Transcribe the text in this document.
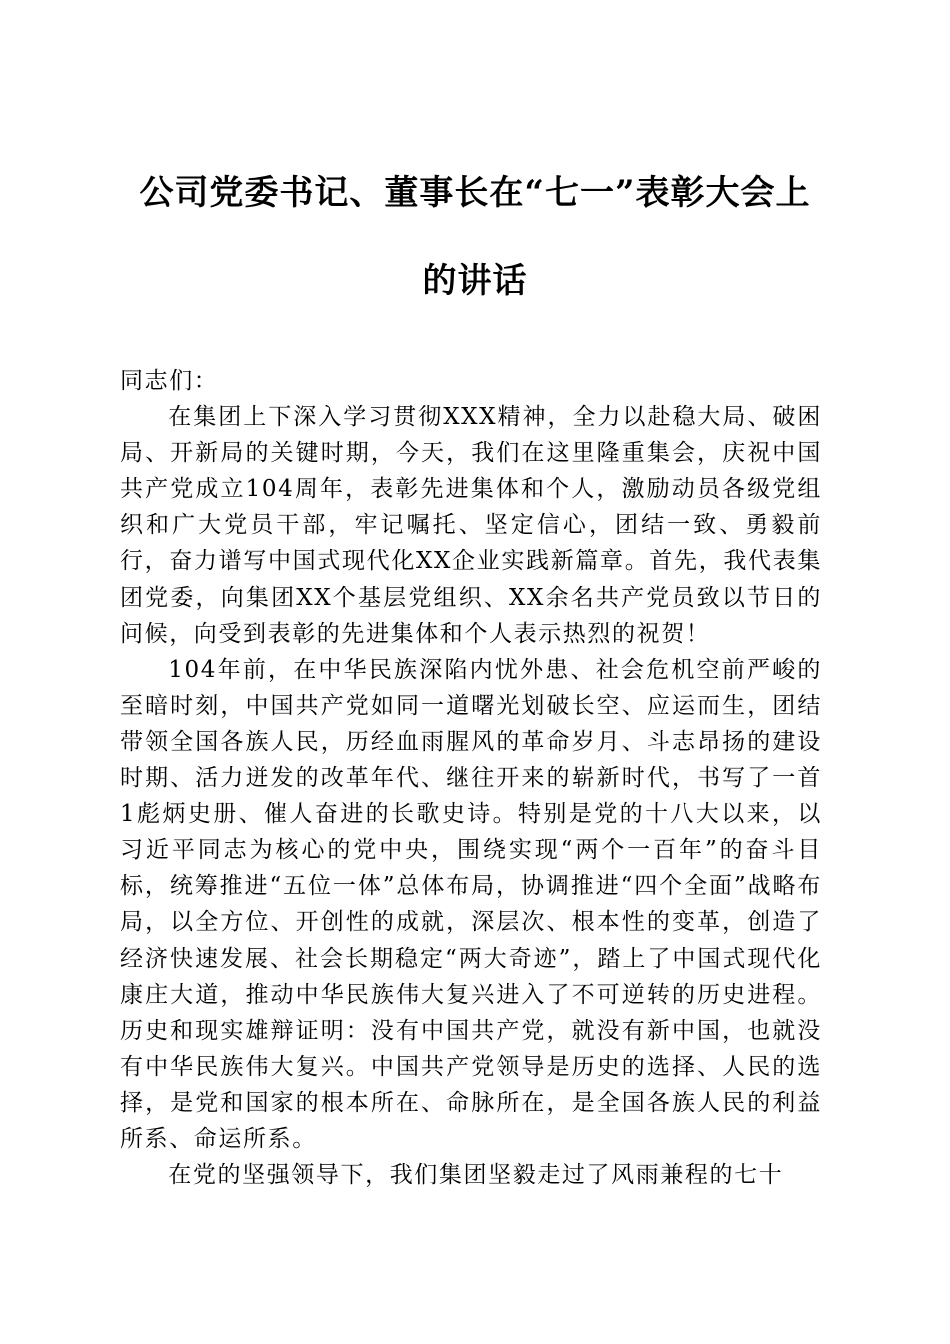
公司党委书记、董事长在“七一”表彰大会上
的讲话

同志们：

在集团上下深入学习贯彻XXX精神，全力以赴稳大局、破困局、开新局的关键时期，今天，我们在这里隆重集会，庆祝中国共产党成立104周年，表彰先进集体和个人，激励动员各级党组织和广大党员干部，牢记嘱托、坚定信心，团结一致、勇毅前行，奋力谱写中国式现代化XX企业实践新篇章。首先，我代表集团党委，向集团XX个基层党组织、XX余名共产党员致以节日的问候，向受到表彰的先进集体和个人表示热烈的祝贺！

104年前，在中华民族深陷内忧外患、社会危机空前严峻的至暗时刻，中国共产党如同一道曙光划破长空、应运而生，团结带领全国各族人民，历经血雨腥风的革命岁月、斗志昂扬的建设时期、活力迸发的改革年代、继往开来的崭新时代，书写了一首1彪炳史册、催人奋进的长歌史诗。特别是党的十八大以来，以习近平同志为核心的党中央，围绕实现“两个一百年”的奋斗目标，统筹推进“五位一体”总体布局，协调推进“四个全面”战略布局，以全方位、开创性的成就，深层次、根本性的变革，创造了经济快速发展、社会长期稳定“两大奇迹”，踏上了中国式现代化康庄大道，推动中华民族伟大复兴进入了不可逆转的历史进程。历史和现实雄辩证明：没有中国共产党，就没有新中国，也就没有中华民族伟大复兴。中国共产党领导是历史的选择、人民的选择，是党和国家的根本所在、命脉所在，是全国各族人民的利益所系、命运所系。

在党的坚强领导下，我们集团坚毅走过了风雨兼程的七十
